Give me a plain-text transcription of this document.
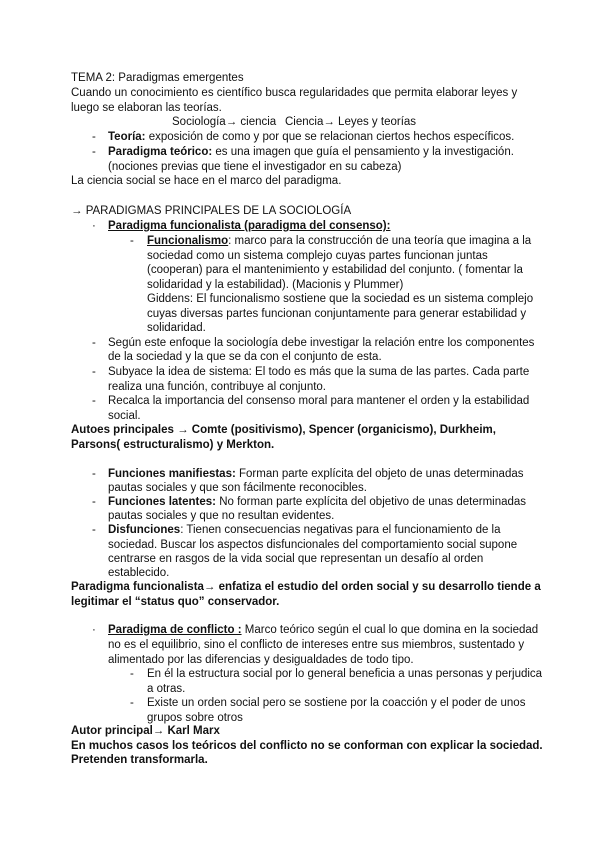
TEMA 2: Paradigmas emergentes
Cuando un conocimiento es científico busca regularidades que permita elaborar leyes y
luego se elaboran las teorías.
Sociología→ ciencia Ciencia→ Leyes y teorías
- Teoría: exposición de como y por que se relacionan ciertos hechos específicos.
- Paradigma teórico: es una imagen que guía el pensamiento y la investigación.
(nociones previas que tiene el investigador en su cabeza)
La ciencia social se hace en el marco del paradigma.
→ PARADIGMAS PRINCIPALES DE LA SOCIOLOGÍA
· Paradigma funcionalista (paradigma del consenso):
- Funcionalismo: marco para la construcción de una teoría que imagina a la
sociedad como un sistema complejo cuyas partes funcionan juntas
(cooperan) para el mantenimiento y estabilidad del conjunto. ( fomentar la
solidaridad y la estabilidad). (Macionis y Plummer)
Giddens: El funcionalismo sostiene que la sociedad es un sistema complejo
cuyas diversas partes funcionan conjuntamente para generar estabilidad y
solidaridad.
- Según este enfoque la sociología debe investigar la relación entre los componentes
de la sociedad y la que se da con el conjunto de esta.
- Subyace la idea de sistema: El todo es más que la suma de las partes. Cada parte
realiza una función, contribuye al conjunto.
- Recalca la importancia del consenso moral para mantener el orden y la estabilidad
social.
Autoes principales → Comte (positivismo), Spencer (organicismo), Durkheim,
Parsons( estructuralismo) y Merkton.
- Funciones manifiestas: Forman parte explícita del objeto de unas determinadas
pautas sociales y que son fácilmente reconocibles.
- Funciones latentes: No forman parte explícita del objetivo de unas determinadas
pautas sociales y que no resultan evidentes.
- Disfunciones: Tienen consecuencias negativas para el funcionamiento de la
sociedad. Buscar los aspectos disfuncionales del comportamiento social supone
centrarse en rasgos de la vida social que representan un desafío al orden
establecido.
Paradigma funcionalista→ enfatiza el estudio del orden social y su desarrollo tiende a
legitimar el “status quo” conservador.
· Paradigma de conflicto : Marco teórico según el cual lo que domina en la sociedad
no es el equilibrio, sino el conflicto de intereses entre sus miembros, sustentado y
alimentado por las diferencias y desigualdades de todo tipo.
- En él la estructura social por lo general beneficia a unas personas y perjudica
a otras.
- Existe un orden social pero se sostiene por la coacción y el poder de unos
grupos sobre otros
Autor principal→ Karl Marx
En muchos casos los teóricos del conflicto no se conforman con explicar la sociedad.
Pretenden transformarla.
